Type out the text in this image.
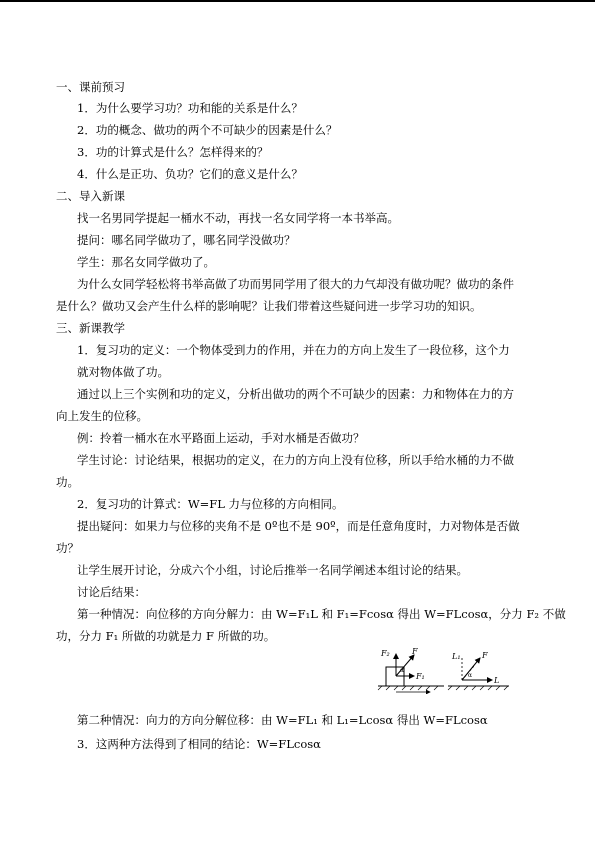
一、课前预习
1．为什么要学习功？功和能的关系是什么？
2．功的概念、做功的两个不可缺少的因素是什么？
3．功的计算式是什么？怎样得来的？
4．什么是正功、负功？它们的意义是什么？
二、导入新课
找一名男同学提起一桶水不动，再找一名女同学将一本书举高。
提问：哪名同学做功了，哪名同学没做功？
学生：那名女同学做功了。
为什么女同学轻松将书举高做了功而男同学用了很大的力气却没有做功呢？做功的条件
是什么？做功又会产生什么样的影响呢？让我们带着这些疑问进一步学习功的知识。
三、新课教学
1．复习功的定义：一个物体受到力的作用，并在力的方向上发生了一段位移，这个力
就对物体做了功。
通过以上三个实例和功的定义，分析出做功的两个不可缺少的因素：力和物体在力的方
向上发生的位移。
例：拎着一桶水在水平路面上运动，手对水桶是否做功？
学生讨论：讨论结果，根据功的定义，在力的方向上没有位移，所以手给水桶的力不做
功。
2．复习功的计算式：W=FL 力与位移的方向相同。
提出疑问：如果力与位移的夹角不是 0º也不是 90º，而是任意角度时，力对物体是否做
功？
让学生展开讨论，分成六个小组，讨论后推举一名同学阐述本组讨论的结果。
讨论后结果：
第一种情况：向位移的方向分解力：由 W=F₁L 和 F₁=Fcosα 得出 W=FLcosα，分力 F₂ 不做
功，分力 F₁ 所做的功就是力 F 所做的功。
F
F₁
F₂
α
F
L
L₁
α
第二种情况：向力的方向分解位移：由 W=FL₁ 和 L₁=Lcosα 得出 W=FLcosα
3．这两种方法得到了相同的结论：W=FLcosα
